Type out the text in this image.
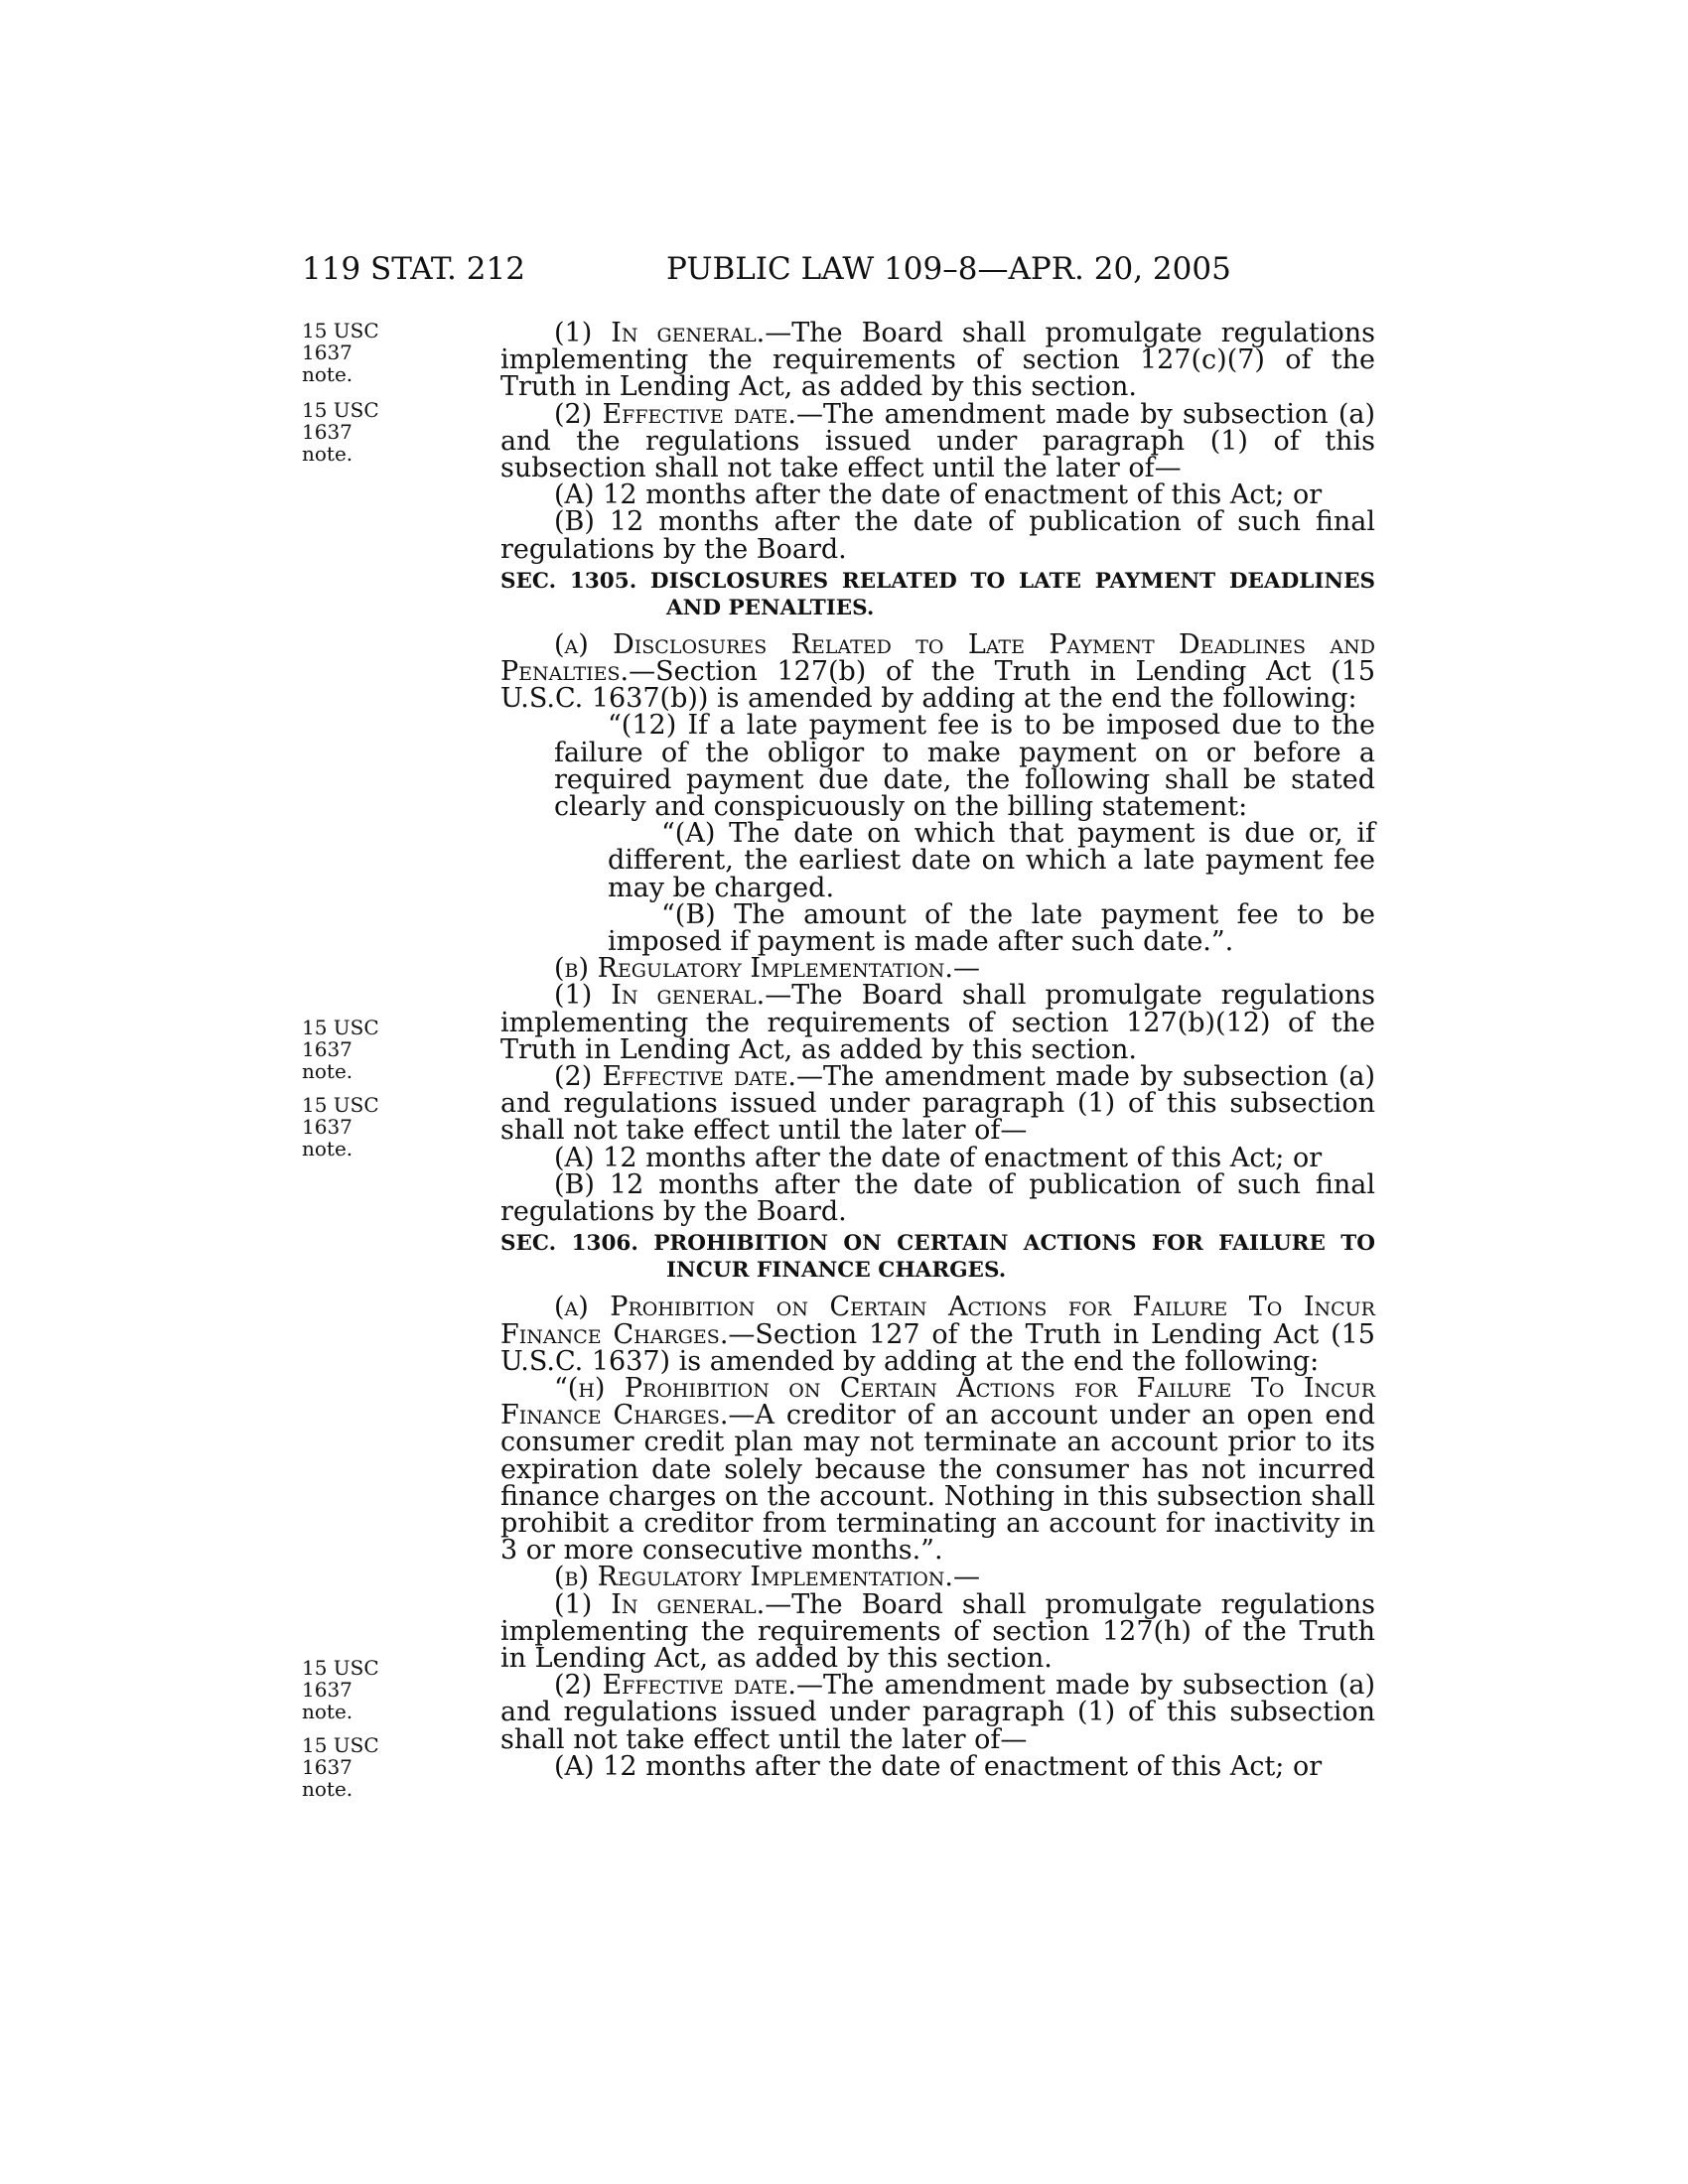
119 STAT. 212	PUBLIC LAW 109–8—APR. 20, 2005
15 USC 1637
note.
15 USC 1637
note.
15 USC 1637
note.
15 USC 1637
note.
15 USC 1637
note.
15 USC 1637
note.

(1) In general.—The Board shall promulgate regulations implementing the requirements of section 127(c)(7) of the Truth in Lending Act, as added by this section.

(2) Effective date.—The amendment made by subsection (a) and the regulations issued under paragraph (1) of this subsection shall not take effect until the later of—

(A) 12 months after the date of enactment of this Act; or

(B) 12 months after the date of publication of such final regulations by the Board.

SEC. 1305. DISCLOSURES RELATED TO LATE PAYMENT DEADLINES AND PENALTIES.

(a) Disclosures Related to Late Payment Deadlines and Penalties.—Section 127(b) of the Truth in Lending Act (15 U.S.C. 1637(b)) is amended by adding at the end the following:

“(12) If a late payment fee is to be imposed due to the failure of the obligor to make payment on or before a required payment due date, the following shall be stated clearly and conspicuously on the billing statement:

“(A) The date on which that payment is due or, if different, the earliest date on which a late payment fee may be charged.

“(B) The amount of the late payment fee to be imposed if payment is made after such date.”.

(b) Regulatory Implementation.—

(1) In general.—The Board shall promulgate regulations implementing the requirements of section 127(b)(12) of the Truth in Lending Act, as added by this section.

(2) Effective date.—The amendment made by subsection (a) and regulations issued under paragraph (1) of this subsection shall not take effect until the later of—

(A) 12 months after the date of enactment of this Act; or

(B) 12 months after the date of publication of such final regulations by the Board.

SEC. 1306. PROHIBITION ON CERTAIN ACTIONS FOR FAILURE TO INCUR FINANCE CHARGES.

(a) Prohibition on Certain Actions for Failure To Incur Finance Charges.—Section 127 of the Truth in Lending Act (15 U.S.C. 1637) is amended by adding at the end the following:

“(h) Prohibition on Certain Actions for Failure To Incur Finance Charges.—A creditor of an account under an open end consumer credit plan may not terminate an account prior to its expiration date solely because the consumer has not incurred finance charges on the account. Nothing in this subsection shall prohibit a creditor from terminating an account for inactivity in 3 or more consecutive months.”.

(b) Regulatory Implementation.—

(1) In general.—The Board shall promulgate regulations implementing the requirements of section 127(h) of the Truth in Lending Act, as added by this section.

(2) Effective date.—The amendment made by subsection (a) and regulations issued under paragraph (1) of this subsection shall not take effect until the later of—

(A) 12 months after the date of enactment of this Act; or
